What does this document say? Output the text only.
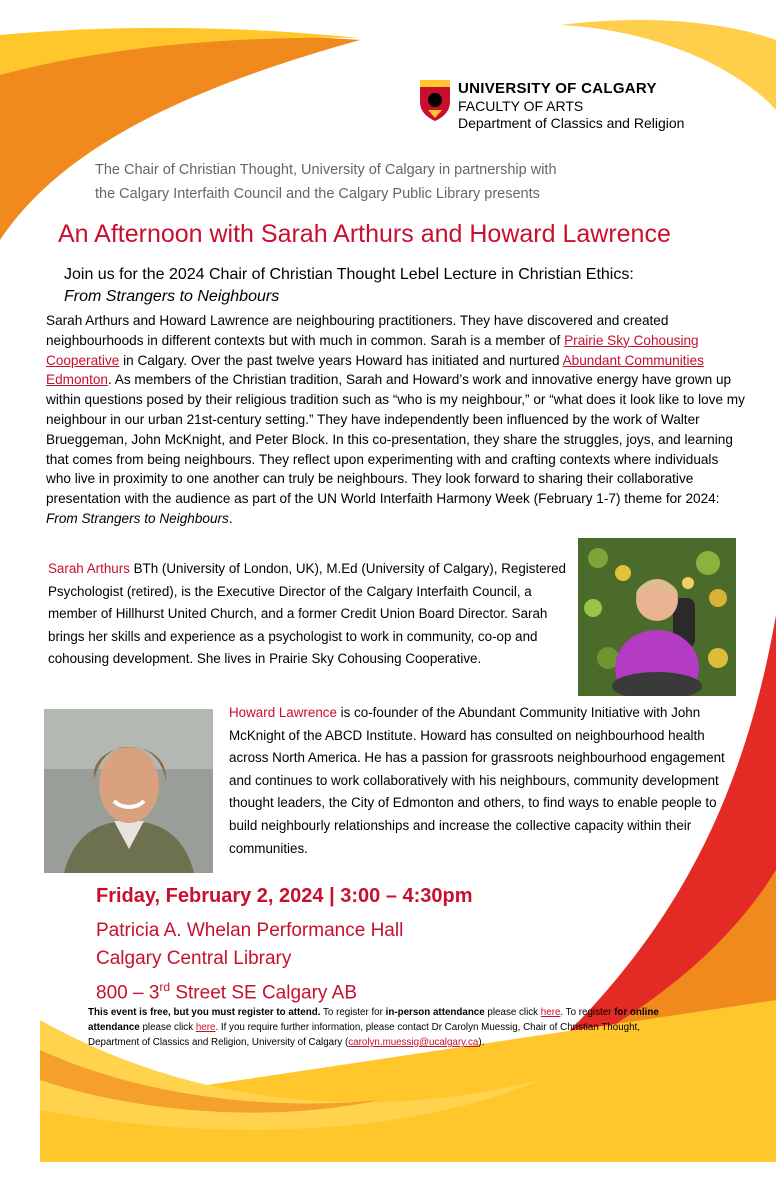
UNIVERSITY OF CALGARY
FACULTY OF ARTS
Department of Classics and Religion
The Chair of Christian Thought, University of Calgary in partnership with
the Calgary Interfaith Council and the Calgary Public Library presents
An Afternoon with Sarah Arthurs and Howard Lawrence
Join us for the 2024 Chair of Christian Thought Lebel Lecture in Christian Ethics:
From Strangers to Neighbours
Sarah Arthurs and Howard Lawrence are neighbouring practitioners. They have discovered and created neighbourhoods in different contexts but with much in common. Sarah is a member of Prairie Sky Cohousing Cooperative in Calgary. Over the past twelve years Howard has initiated and nurtured Abundant Communities Edmonton. As members of the Christian tradition, Sarah and Howard’s work and innovative energy have grown up within questions posed by their religious tradition such as “who is my neighbour,” or “what does it look like to love my neighbour in our urban 21st-century setting.” They have independently been influenced by the work of Walter Brueggeman, John McKnight, and Peter Block. In this co-presentation, they share the struggles, joys, and learning that comes from being neighbours. They reflect upon experimenting with and crafting contexts where individuals who live in proximity to one another can truly be neighbours. They look forward to sharing their collaborative presentation with the audience as part of the UN World Interfaith Harmony Week (February 1-7) theme for 2024: From Strangers to Neighbours.
Sarah Arthurs BTh (University of London, UK), M.Ed (University of Calgary), Registered Psychologist (retired), is the Executive Director of the Calgary Interfaith Council, a member of Hillhurst United Church, and a former Credit Union Board Director. Sarah brings her skills and experience as a psychologist to work in community, co-op and cohousing development. She lives in Prairie Sky Cohousing Cooperative.
Howard Lawrence is co-founder of the Abundant Community Initiative with John McKnight of the ABCD Institute. Howard has consulted on neighbourhood health across North America. He has a passion for grassroots neighbourhood engagement and continues to work collaboratively with his neighbours, community development thought leaders, the City of Edmonton and others, to find ways to enable people to build neighbourly relationships and increase the collective capacity within their communities.
Friday, February 2, 2024 | 3:00 – 4:30pm
Patricia A. Whelan Performance Hall
Calgary Central Library
800 – 3rd Street SE Calgary AB
This event is free, but you must register to attend. To register for in-person attendance please click here. To register for online attendance please click here. If you require further information, please contact Dr Carolyn Muessig, Chair of Christian Thought, Department of Classics and Religion, University of Calgary (carolyn.muessig@ucalgary.ca).
